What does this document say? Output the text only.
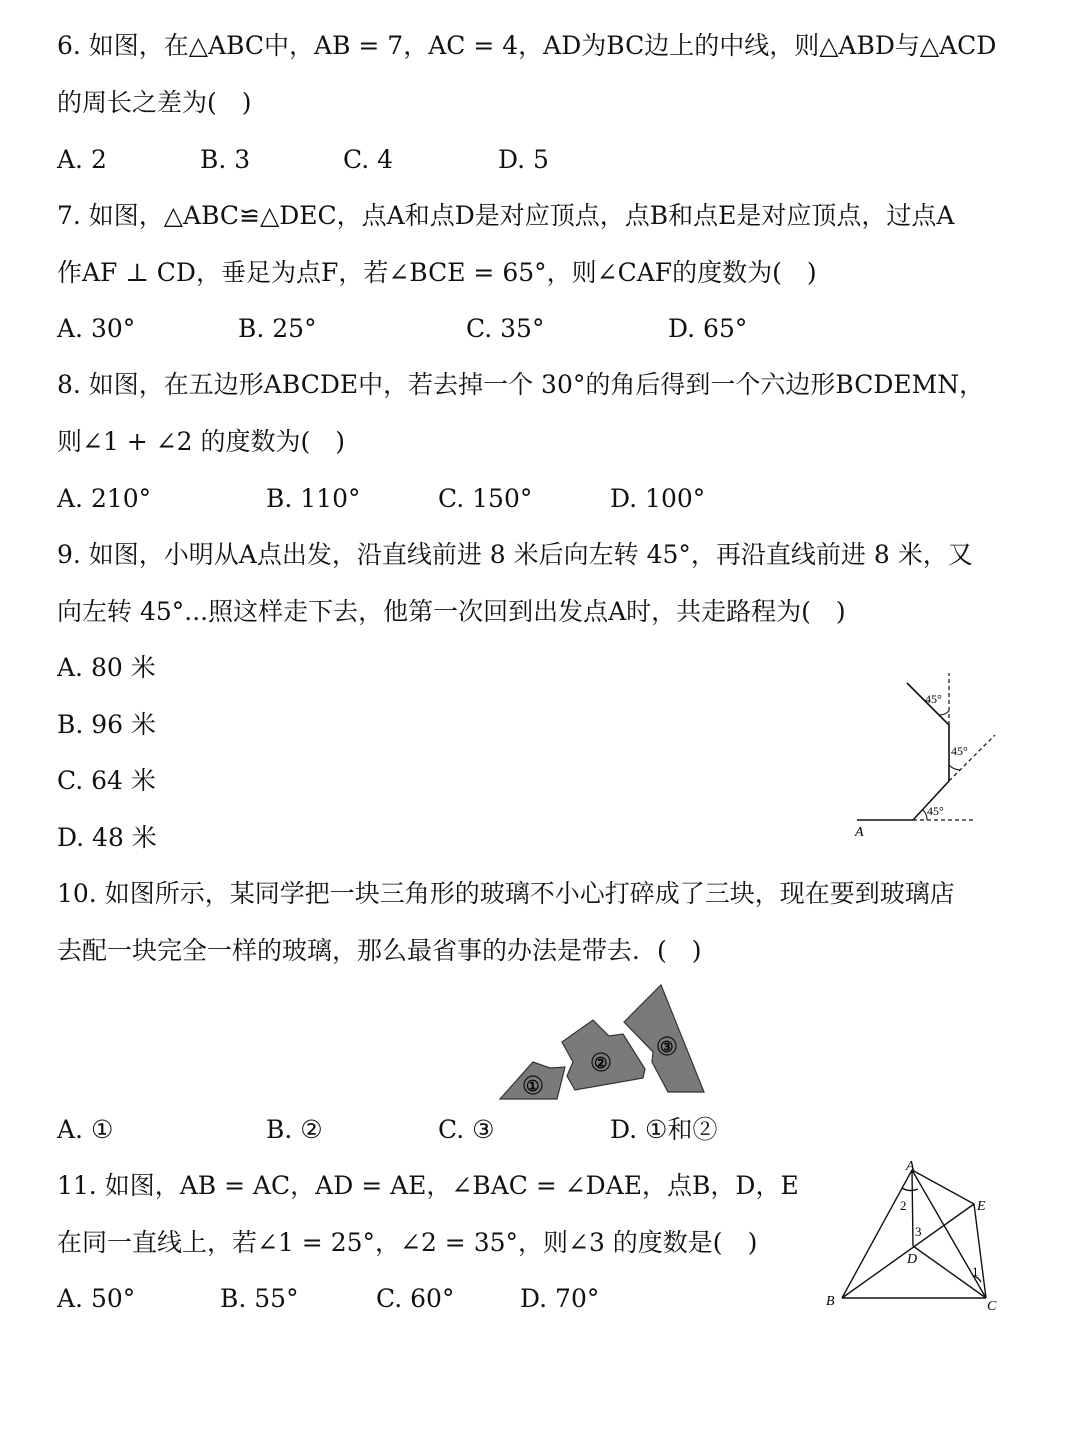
6. 如图，在△ABC中，AB = 7，AC = 4，AD为BC边上的中线，则△ABD与△ACD
的周长之差为(　)
A. 2	B. 3	C. 4	D. 5
7. 如图，△ABC≌△DEC，点A和点D是对应顶点，点B和点E是对应顶点，过点A
作AF ⊥ CD，垂足为点F，若∠BCE = 65°，则∠CAF的度数为(　)
A. 30°	B. 25°	C. 35°	D. 65°
8. 如图，在五边形ABCDE中，若去掉一个 30°的角后得到一个六边形BCDEMN，
则∠1 + ∠2 的度数为(　)
A. 210°	B. 110°	C. 150°	D. 100°
9. 如图，小明从A点出发，沿直线前进 8 米后向左转 45°，再沿直线前进 8 米，又
向左转 45°...照这样走下去，他第一次回到出发点A时，共走路程为(　)
A. 80 米
B. 96 米
C. 64 米
D. 48 米
45°
45°
45°
A
10. 如图所示，某同学把一块三角形的玻璃不小心打碎成了三块，现在要到玻璃店
去配一块完全一样的玻璃，那么最省事的办法是带去．(　)
①
②
③
A. ①	B. ②	C. ③	D. ①和②
11. 如图，AB = AC，AD = AE，∠BAC = ∠DAE，点B，D，E
在同一直线上，若∠1 = 25°，∠2 = 35°，则∠3 的度数是(　)
A. 50°	B. 55°	C. 60°	D. 70°
A
B	C
D
E
1
2
3
